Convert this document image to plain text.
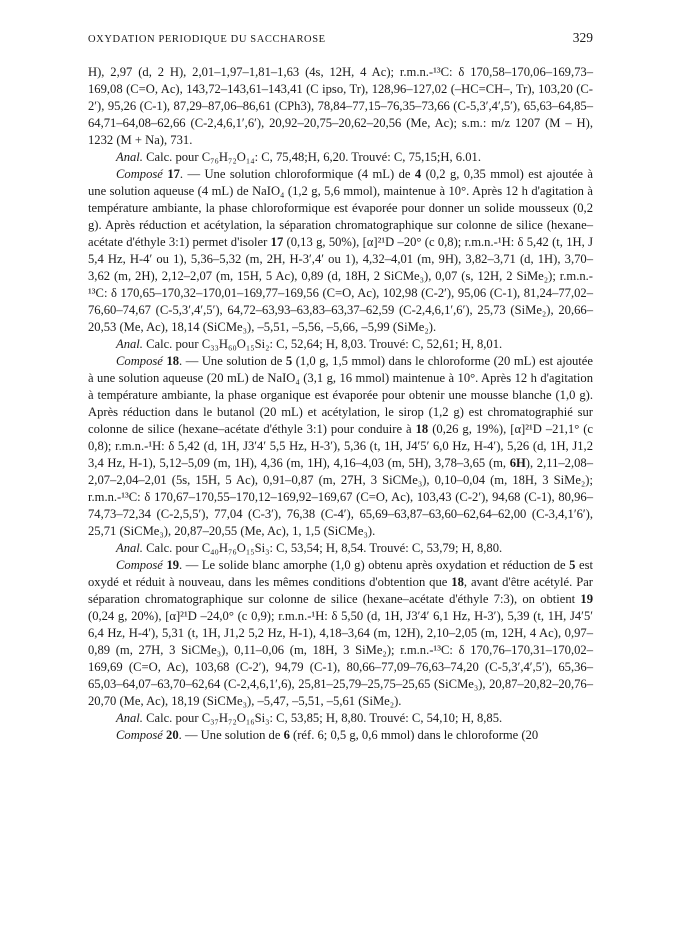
OXYDATION PERIODIQUE DU SACCHAROSE	329

H), 2,97 (d, 2 H), 2,01–1,97–1,81–1,63 (4s, 12H, 4 Ac); r.m.n.-¹³C: δ 170,58–170,06–169,73–169,08 (C=O, Ac), 143,72–143,61–143,41 (C ipso, Tr), 128,96–127,02 (–HC=CH–, Tr), 103,20 (C-2′), 95,26 (C-1), 87,29–87,06–86,61 (CPh3), 78,84–77,15–76,35–73,66 (C-5,3′,4′,5′), 65,63–64,85–64,71–64,08–62,66 (C-2,4,6,1′,6′), 20,92–20,75–20,62–20,56 (Me, Ac); s.m.: m/z 1207 (M – H), 1232 (M + Na), 731.

Anal. Calc. pour C₇₆H₇₂O₁₄: C, 75,48;H, 6,20. Trouvé: C, 75,15;H, 6.01.

Composé 17. — Une solution chloroformique (4 mL) de 4 (0,2 g, 0,35 mmol) est ajoutée à une solution aqueuse (4 mL) de NaIO₄ (1,2 g, 5,6 mmol), maintenue à 10°. Après 12 h d'agitation à température ambiante, la phase chloroformique est évaporée pour donner un solide mousseux (0,2 g). Après réduction et acétylation, la séparation chromatographique sur colonne de silice (hexane–acétate d'éthyle 3:1) permet d'isoler 17 (0,13 g, 50%), [α]²¹D –20° (c 0,8); r.m.n.-¹H: δ 5,42 (t, 1H, J 5,4 Hz, H-4′ ou 1), 5,36–5,32 (m, 2H, H-3′,4′ ou 1), 4,32–4,01 (m, 9H), 3,82–3,71 (d, 1H), 3,70–3,62 (m, 2H), 2,12–2,07 (m, 15H, 5 Ac), 0,89 (d, 18H, 2 SiCMe₃), 0,07 (s, 12H, 2 SiMe₂); r.m.n.-¹³C: δ 170,65–170,32–170,01–169,77–169,56 (C=O, Ac), 102,98 (C-2′), 95,06 (C-1), 81,24–77,02–76,60–74,67 (C-5,3′,4′,5′), 64,72–63,93–63,83–63,37–62,59 (C-2,4,6,1′,6′), 25,73 (SiMe₂), 20,66–20,53 (Me, Ac), 18,14 (SiCMe₃), –5,51, –5,56, –5,66, –5,99 (SiMe₂).

Anal. Calc. pour C₃₃H₆₀O₁₅Si₂: C, 52,64; H, 8,03. Trouvé: C, 52,61; H, 8,01.

Composé 18. — Une solution de 5 (1,0 g, 1,5 mmol) dans le chloroforme (20 mL) est ajoutée à une solution aqueuse (20 mL) de NaIO₄ (3,1 g, 16 mmol) maintenue à 10°. Après 12 h d'agitation à température ambiante, la phase organique est évaporée pour obtenir une mousse blanche (1,0 g). Après réduction dans le butanol (20 mL) et acétylation, le sirop (1,2 g) est chromatographié sur colonne de silice (hexane–acétate d'éthyle 3:1) pour conduire à 18 (0,26 g, 19%), [α]²¹D –21,1° (c 0,8); r.m.n.-¹H: δ 5,42 (d, 1H, J3′4′ 5,5 Hz, H-3′), 5,36 (t, 1H, J4′5′ 6,0 Hz, H-4′), 5,26 (d, 1H, J1,2 3,4 Hz, H-1), 5,12–5,09 (m, 1H), 4,36 (m, 1H), 4,16–4,03 (m, 5H), 3,78–3,65 (m, 6H), 2,11–2,08–2,07–2,04–2,01 (5s, 15H, 5 Ac), 0,91–0,87 (m, 27H, 3 SiCMe₃), 0,10–0,04 (m, 18H, 3 SiMe₂); r.m.n.-¹³C: δ 170,67–170,55–170,12–169,92–169,67 (C=O, Ac), 103,43 (C-2′), 94,68 (C-1), 80,96–74,73–72,34 (C-2,5,5′), 77,04 (C-3′), 76,38 (C-4′), 65,69–63,87–63,60–62,64–62,00 (C-3,4,1′6′), 25,71 (SiCMe₃), 20,87–20,55 (Me, Ac), 1, 1,5 (SiCMe₃).

Anal. Calc. pour C₄₀H₇₆O₁₅Si₃: C, 53,54; H, 8,54. Trouvé: C, 53,79; H, 8,80.

Composé 19. — Le solide blanc amorphe (1,0 g) obtenu après oxydation et réduction de 5 est oxydé et réduit à nouveau, dans les mêmes conditions d'obtention que 18, avant d'être acétylé. Par séparation chromatographique sur colonne de silice (hexane–acétate d'éthyle 7:3), on obtient 19 (0,24 g, 20%), [α]²¹D –24,0° (c 0,9); r.m.n.-¹H: δ 5,50 (d, 1H, J3′4′ 6,1 Hz, H-3′), 5,39 (t, 1H, J4′5′ 6,4 Hz, H-4′), 5,31 (t, 1H, J1,2 5,2 Hz, H-1), 4,18–3,64 (m, 12H), 2,10–2,05 (m, 12H, 4 Ac), 0,97–0,89 (m, 27H, 3 SiCMe₃), 0,11–0,06 (m, 18H, 3 SiMe₂); r.m.n.-¹³C: δ 170,76–170,31–170,02–169,69 (C=O, Ac), 103,68 (C-2′), 94,79 (C-1), 80,66–77,09–76,63–74,20 (C-5,3′,4′,5′), 65,36–65,03–64,07–63,70–62,64 (C-2,4,6,1′,6), 25,81–25,79–25,75–25,65 (SiCMe₃), 20,87–20,82–20,76–20,70 (Me, Ac), 18,19 (SiCMe₃), –5,47, –5,51, –5,61 (SiMe₂).

Anal. Calc. pour C₃₇H₇₂O₁₆Si₃: C, 53,85; H, 8,80. Trouvé: C, 54,10; H, 8,85.

Composé 20. — Une solution de 6 (réf. 6; 0,5 g, 0,6 mmol) dans le chloroforme (20
